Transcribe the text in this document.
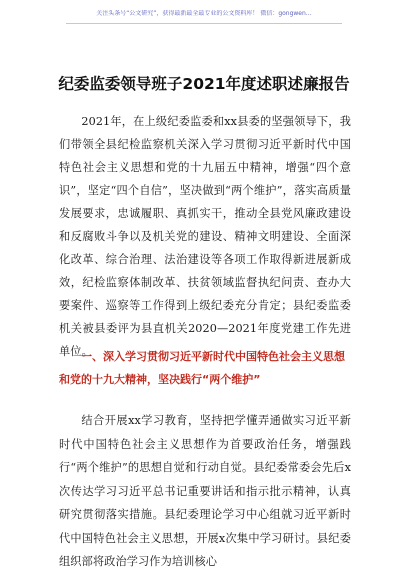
关注头条号“公文研究”，获得最新最全最专业的公文资料库！ 微信：gongwen…
纪委监委领导班子2021年度述职述廉报告

2021年，在上级纪委监委和xx县委的坚强领导下，我们带领全县纪检监察机关深入学习贯彻习近平新时代中国特色社会主义思想和党的十九届五中精神，增强“四个意识”，坚定“四个自信”，坚决做到“两个维护”，落实高质量发展要求，忠诚履职、真抓实干，推动全县党风廉政建设和反腐败斗争以及机关党的建设、精神文明建设、全面深化改革、综合治理、法治建设等各项工作取得新进展新成效，纪检监察体制改革、扶贫领域监督执纪问责、查办大要案件、巡察等工作得到上级纪委充分肯定；县纪委监委机关被县委评为县直机关2020—2021年度党建工作先进单位。

一、深入学习贯彻习近平新时代中国特色社会主义思想和党的十九大精神，坚决践行“两个维护”

结合开展xx学习教育，坚持把学懂弄通做实习近平新时代中国特色社会主义思想作为首要政治任务，增强践行“两个维护”的思想自觉和行动自觉。县纪委常委会先后x次传达学习习近平总书记重要讲话和指示批示精神，认真研究贯彻落实措施。县纪委理论学习中心组就习近平新时代中国特色社会主义思想，开展x次集中学习研讨。县纪委组织部将政治学习作为培训核心
